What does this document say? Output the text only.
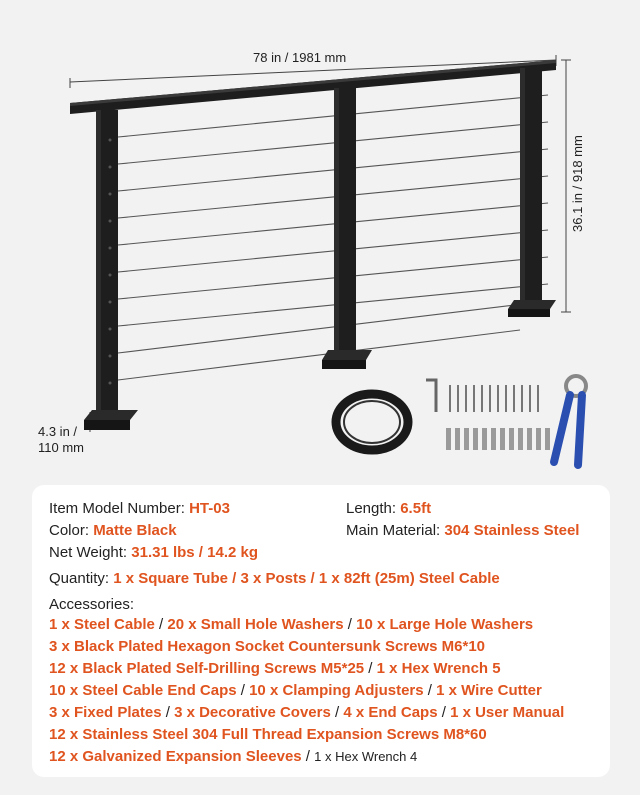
78 in / 1981 mm
36.1 in / 918 mm
4.3 in /
110 mm
Item Model Number: HT-03	Length: 6.5ft
Color: Matte Black	Main Material: 304 Stainless Steel
Net Weight: 31.31 lbs / 14.2 kg
Quantity: 1 x Square Tube / 3 x Posts / 1 x 82ft (25m) Steel Cable
Accessories:
1 x Steel Cable / 20 x Small Hole Washers / 10 x Large Hole Washers
3 x Black Plated Hexagon Socket Countersunk Screws M6*10
12 x Black Plated Self-Drilling Screws M5*25 / 1 x Hex Wrench 5
10 x Steel Cable End Caps / 10 x Clamping Adjusters / 1 x Wire Cutter
3 x Fixed Plates / 3 x Decorative Covers / 4 x End Caps / 1 x User Manual
12 x Stainless Steel 304 Full Thread Expansion Screws M8*60
12 x Galvanized Expansion Sleeves / 1 x Hex Wrench 4
